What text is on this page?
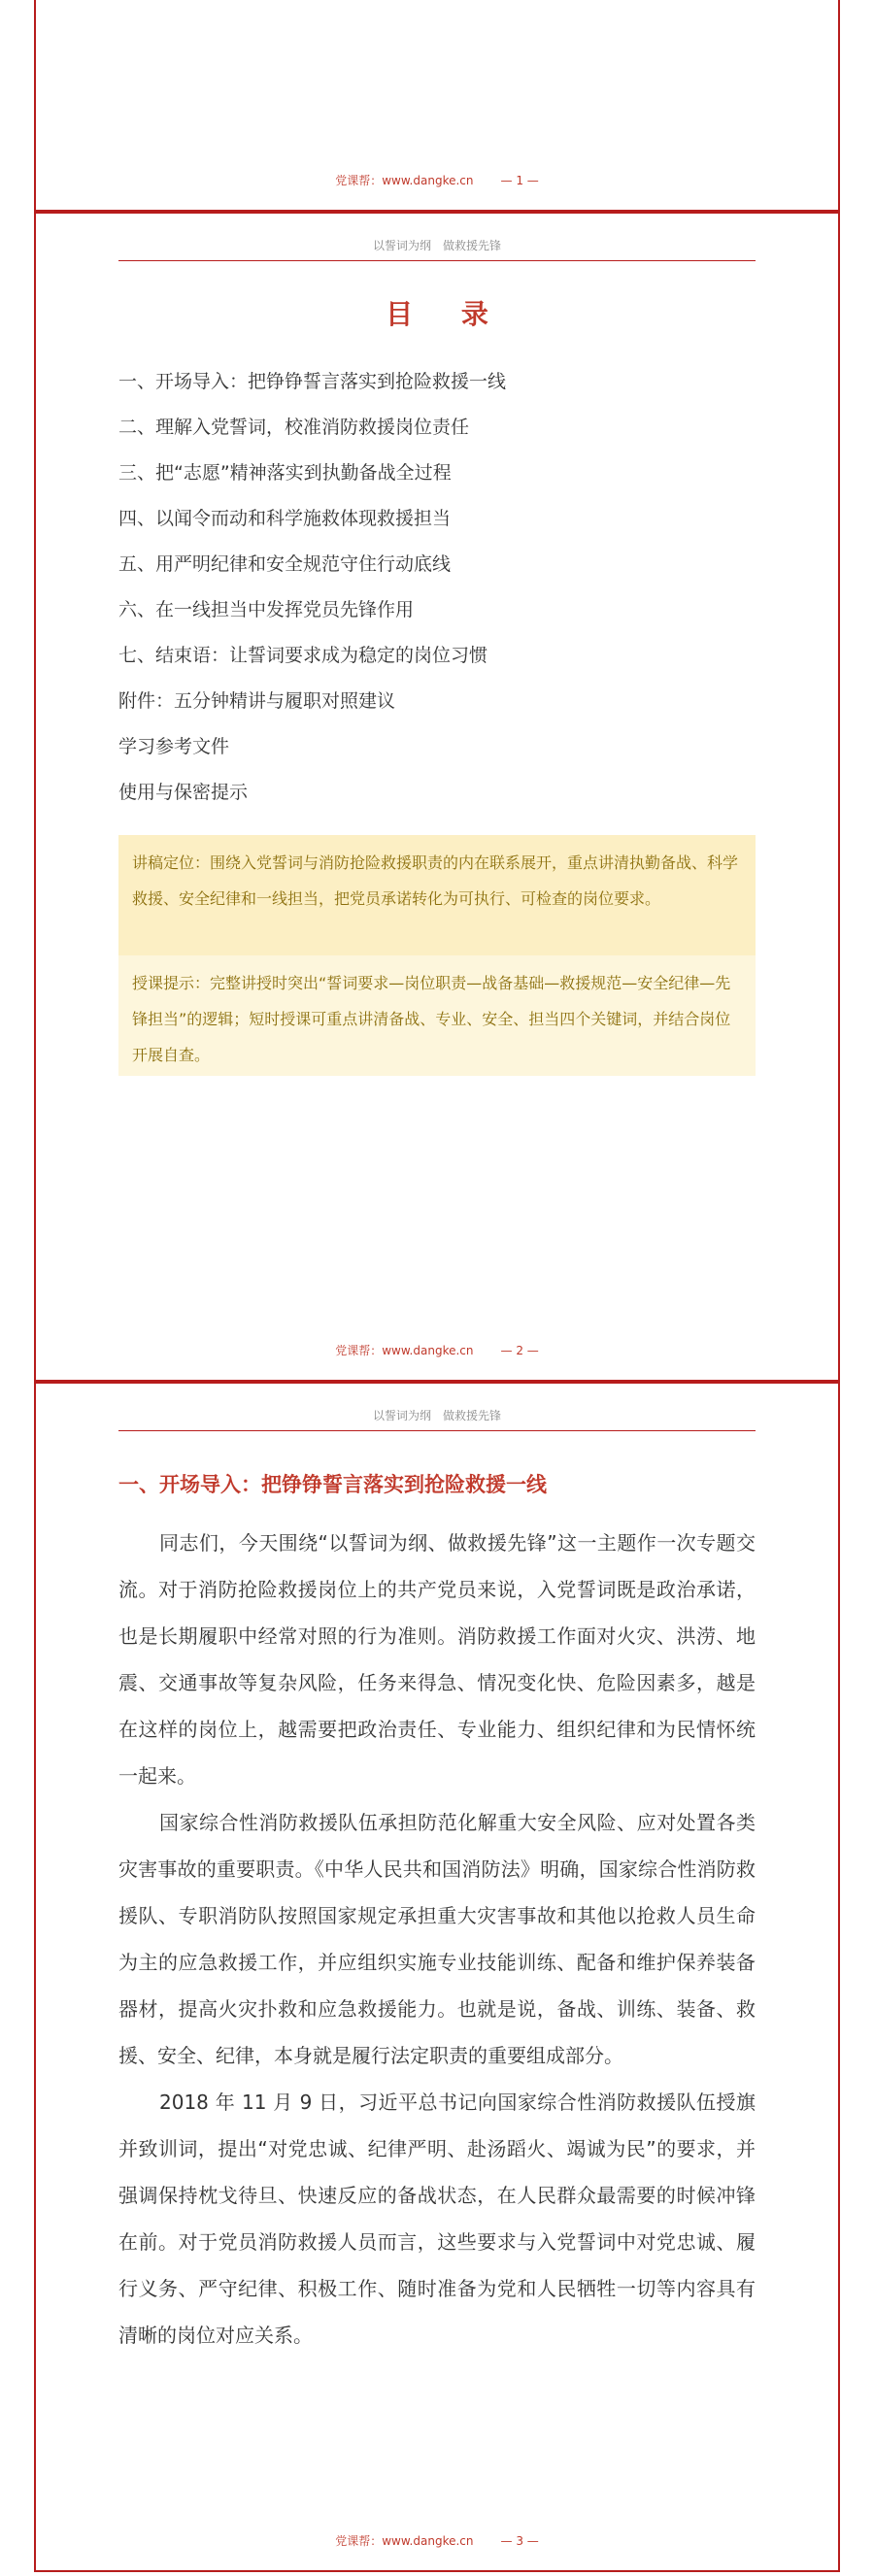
党课帮：www.dangke.cn — 1 —
以誓词为纲　做救援先锋
目 录
一、开场导入：把铮铮誓言落实到抢险救援一线
二、理解入党誓词，校准消防救援岗位责任
三、把“志愿”精神落实到执勤备战全过程
四、以闻令而动和科学施救体现救援担当
五、用严明纪律和安全规范守住行动底线
六、在一线担当中发挥党员先锋作用
七、结束语：让誓词要求成为稳定的岗位习惯
附件：五分钟精讲与履职对照建议
学习参考文件
使用与保密提示
讲稿定位：围绕入党誓词与消防抢险救援职责的内在联系展开，重点讲清执勤备战、科学救援、安全纪律和一线担当，把党员承诺转化为可执行、可检查的岗位要求。
授课提示：完整讲授时突出“誓词要求—岗位职责—战备基础—救援规范—安全纪律—先锋担当”的逻辑；短时授课可重点讲清备战、专业、安全、担当四个关键词，并结合岗位开展自查。
党课帮：www.dangke.cn — 2 —
以誓词为纲　做救援先锋
一、开场导入：把铮铮誓言落实到抢险救援一线

同志们，今天围绕“以誓词为纲、做救援先锋”这一主题作一次专题交流。对于消防抢险救援岗位上的共产党员来说，入党誓词既是政治承诺，也是长期履职中经常对照的行为准则。消防救援工作面对火灾、洪涝、地震、交通事故等复杂风险，任务来得急、情况变化快、危险因素多，越是在这样的岗位上，越需要把政治责任、专业能力、组织纪律和为民情怀统一起来。

国家综合性消防救援队伍承担防范化解重大安全风险、应对处置各类灾害事故的重要职责。《中华人民共和国消防法》明确，国家综合性消防救援队、专职消防队按照国家规定承担重大灾害事故和其他以抢救人员生命为主的应急救援工作，并应组织实施专业技能训练、配备和维护保养装备器材，提高火灾扑救和应急救援能力。也就是说，备战、训练、装备、救援、安全、纪律，本身就是履行法定职责的重要组成部分。

2018 年 11 月 9 日，习近平总书记向国家综合性消防救援队伍授旗并致训词，提出“对党忠诚、纪律严明、赴汤蹈火、竭诚为民”的要求，并强调保持枕戈待旦、快速反应的备战状态，在人民群众最需要的时候冲锋在前。对于党员消防救援人员而言，这些要求与入党誓词中对党忠诚、履行义务、严守纪律、积极工作、随时准备为党和人民牺牲一切等内容具有清晰的岗位对应关系。

党课帮：www.dangke.cn — 3 —
